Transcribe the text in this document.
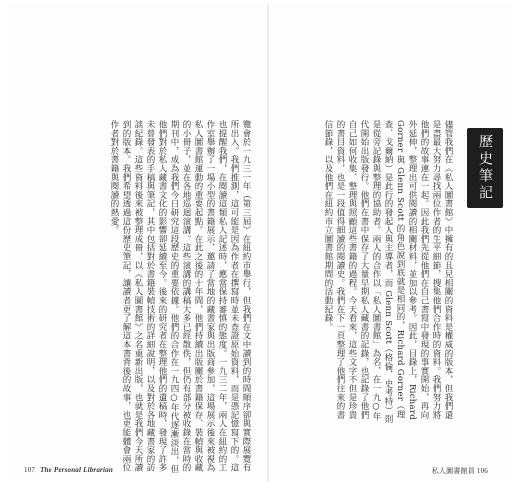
覽會於一九三一年（第三屆）在紐約市舉行，但我們在文中讀到的時間順序卻與實際展覽有所出入。我們推測，這可能是因為作者在撰寫時並未查證原始資料，而是憑記憶寫下的。這也提醒我們，在閱讀這類私人記述時，應當保持審慎的態度。一九三二年，兩人在紐約的工作室舉辦了一場小型的書籍展示，邀請了當地的藏書家與出版商參加，這場展示後來被視為私人圖書館運動的重要起點。在此之後的十年間，他們持續出版關於書籍保存、裝幀與收藏的小冊子，並在各地巡迴演講。這些演講的講稿大多已經散佚，但仍有部分被收錄在當時的期刊中，成為我們今日研究這段歷史的重要依據。他們的合作在一九四○年代逐漸淡出，但他們對於私人藏書文化的影響卻延續至今。後來的研究者在整理他們的遺稿時，發現了許多未曾發表的手稿與筆記，其中包括對於書籍裝幀技術的詳細說明，以及對於各地藏書家的訪談紀錄。這些資料後來被整理成冊，以《私人圖書館》之名重新出版，也就是我們今天所讀到的版本。我們希望透過這份歷史筆記，讓讀者更了解這本書背後的故事，也更能體會兩位作者對於書籍與閱讀的熱愛。	儘管我們在《私人圖書館》中擁有的且兒相關的資料是權威的版本，但我們還是盡最大努力尋找兩位作者的生平細節，搜集他們合作時的資料。我們努力將他們的故事連在一起。因此我們先從他們在自己書寫中發現的事實開始，再向外延伸，整理出可供閱讀的相關材料，並加以參考。因此，目錄上，Richard Gorner 與 Glenn Scott 的角色說到底就是相同的，Richard Gorner（理查．戈爾納）是此行的發起人與主導者，而 Glenn Scott（格倫．史考特）則是從旁記錄與整理的協助者。兩人的合作以「私人圖書館」為名，在一九○年代開始出版發行。他們在書中保存了大量早期私人藏書的記錄，也記錄了他們自己如何收集、整理與照顧這些書籍的過程。今天看來，這些文字不但是珍貴的書目資料，也是一段值得細讀的閱讀史。我們在下一頁整理了他們往來的書信節錄，以及他們在紐約市立圖書館期間的活動紀錄。	歷史筆記
107 The Personal Librarian	私人圖書館員 106
